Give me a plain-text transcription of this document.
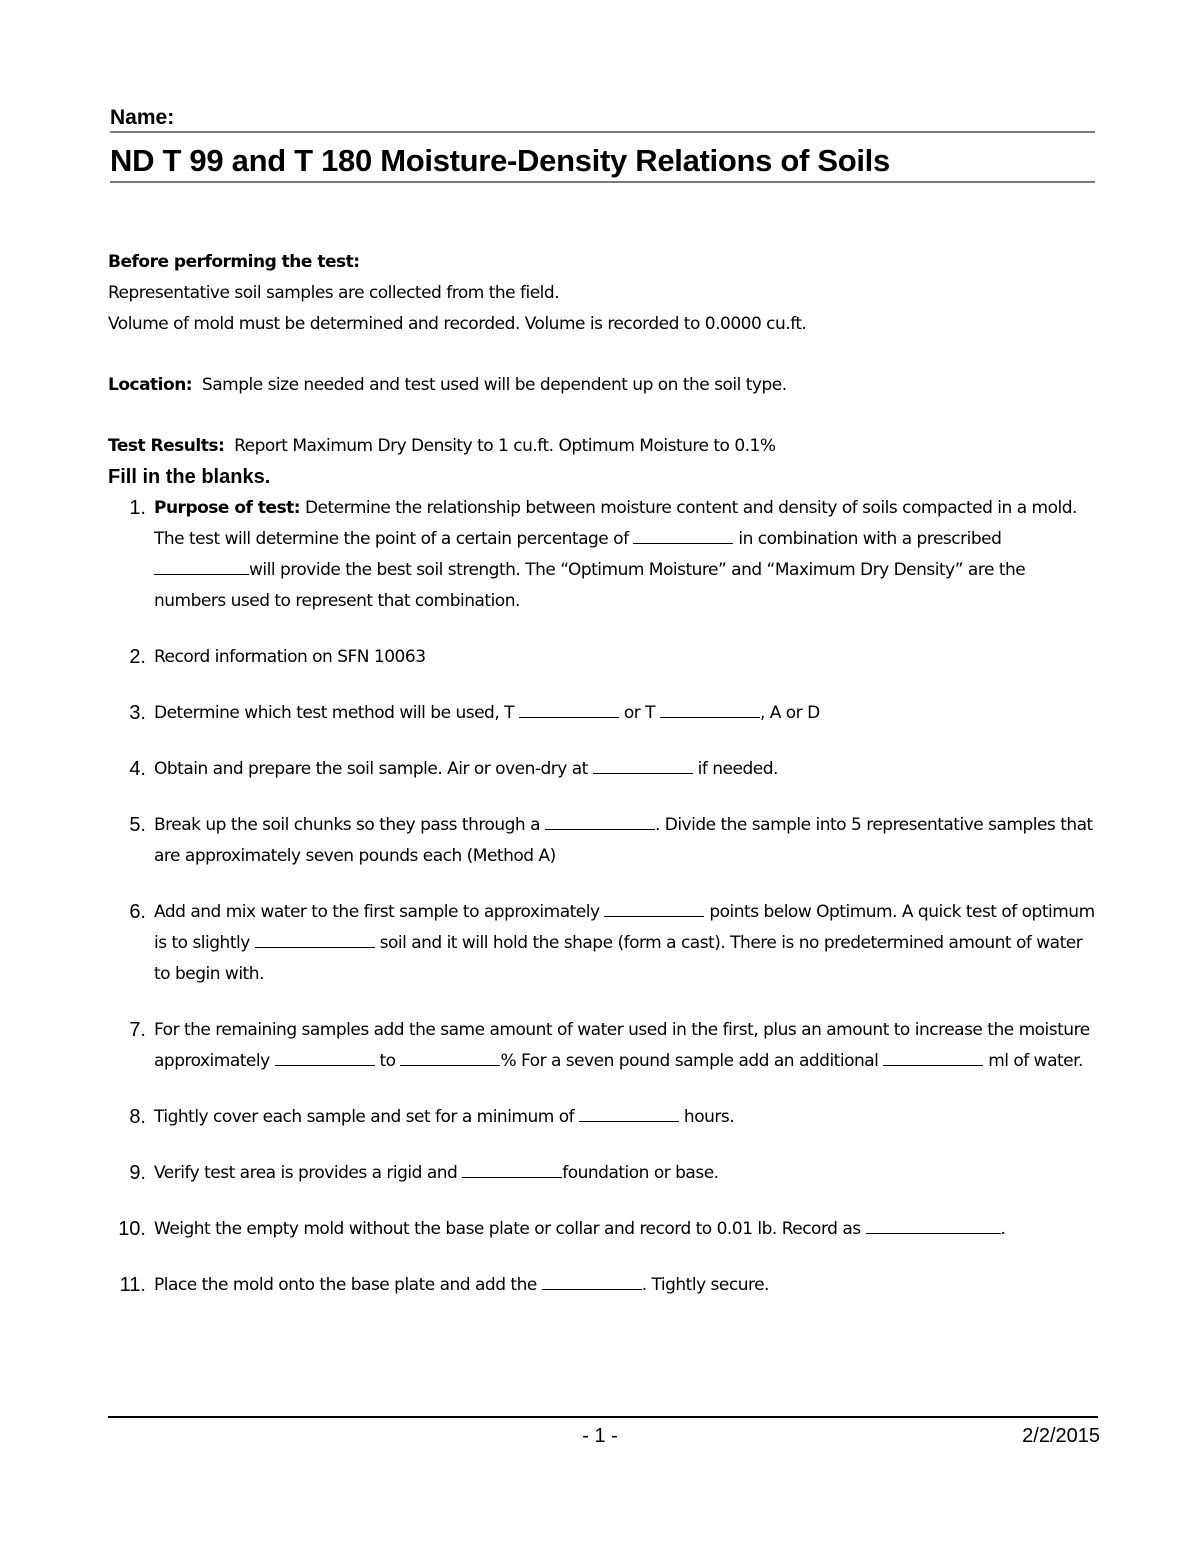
Name:
ND T 99 and T 180 Moisture-Density Relations of Soils

Before performing the test:

Representative soil samples are collected from the field.

Volume of mold must be determined and recorded. Volume is recorded to 0.0000 cu.ft.

Location: Sample size needed and test used will be dependent up on the soil type.

Test Results: Report Maximum Dry Density to 1 cu.ft. Optimum Moisture to 0.1%

Fill in the blanks.

1. Purpose of test: Determine the relationship between moisture content and density of soils compacted in a mold. The test will determine the point of a certain percentage of	in combination with a prescribed will provide the best soil strength. The “Optimum Moisture” and “Maximum Dry Density” are the numbers used to represent that combination.
2. Record information on SFN 10063
3. Determine which test method will be used, T	or T	, A or D
4. Obtain and prepare the soil sample. Air or oven-dry at	if needed.
5. Break up the soil chunks so they pass through a	. Divide the sample into 5 representative samples that are approximately seven pounds each (Method A)
6. Add and mix water to the first sample to approximately	points below Optimum. A quick test of optimum is to slightly	soil and it will hold the shape (form a cast). There is no predetermined amount of water to begin with.
7. For the remaining samples add the same amount of water used in the first, plus an amount to increase the moisture approximately	to	% For a seven pound sample add an additional	ml of water.
8. Tightly cover each sample and set for a minimum of	hours.
9. Verify test area is provides a rigid and	foundation or base.
10. Weight the empty mold without the base plate or collar and record to 0.01 lb. Record as	.
11. Place the mold onto the base plate and add the	. Tightly secure.
- 1 -	2/2/2015
